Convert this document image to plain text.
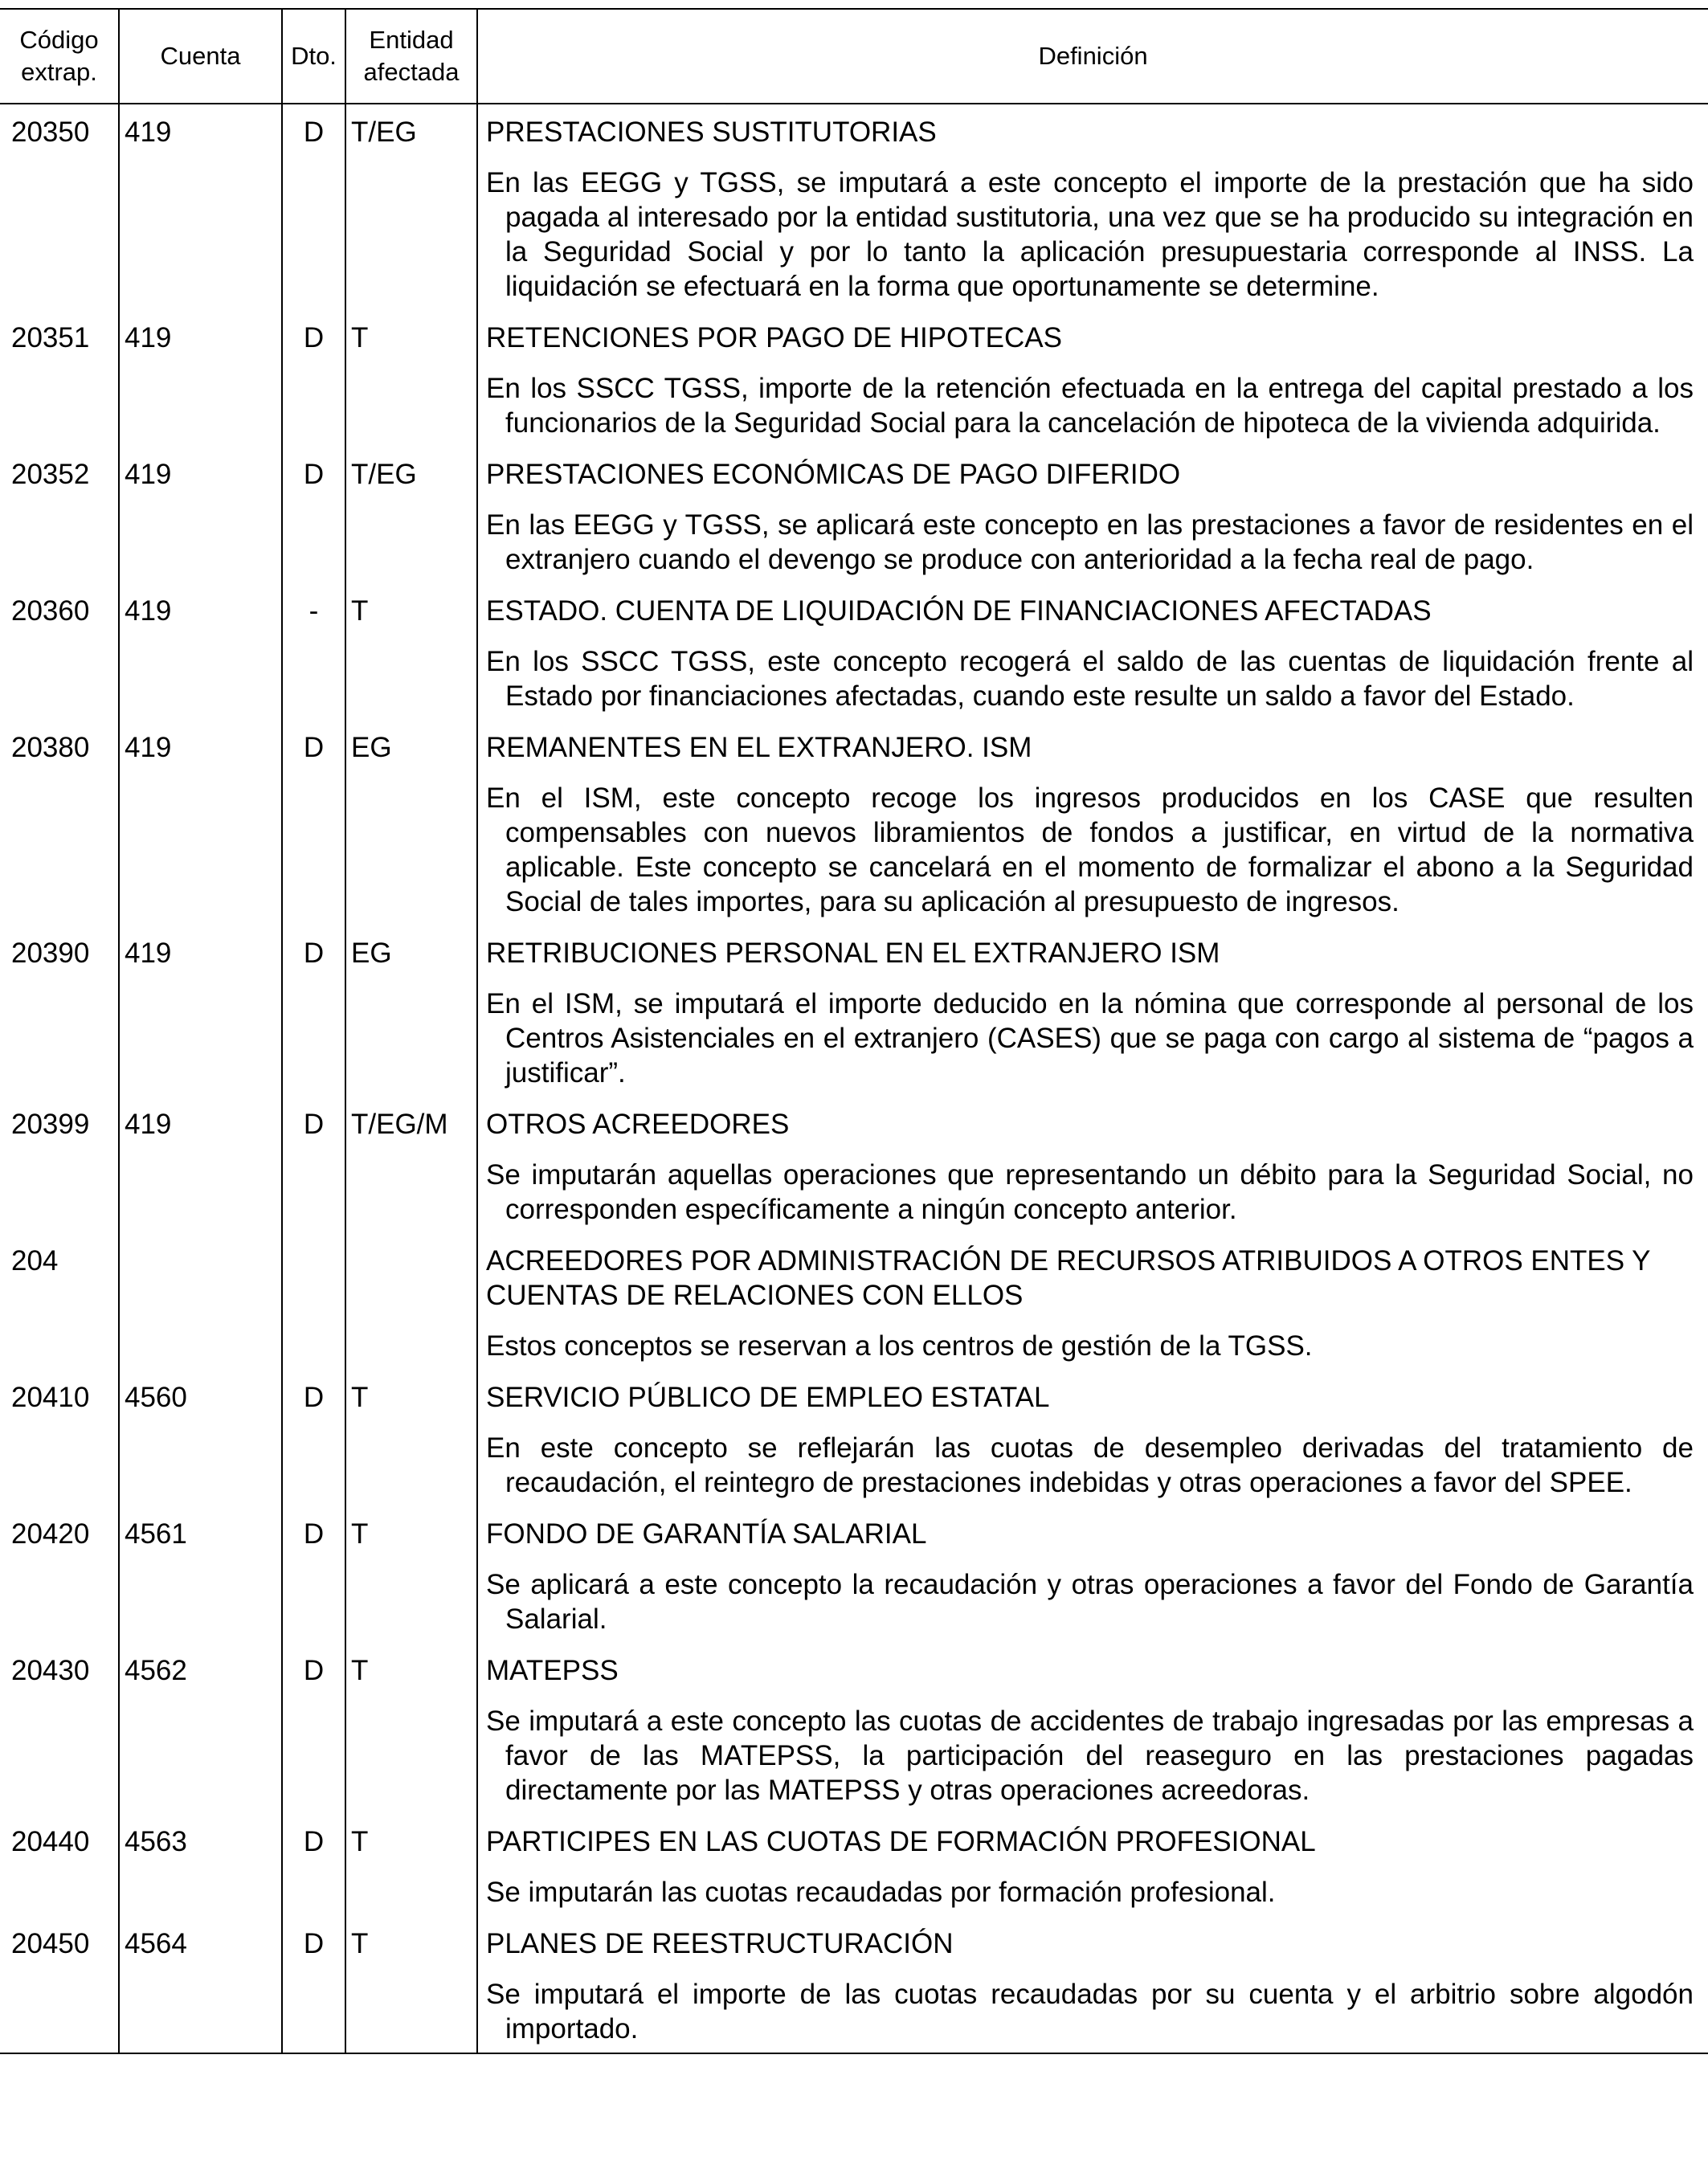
Código extrap.	Cuenta	Dto.	Entidad afectada	Definición
20350	419	D	T/EG	PRESTACIONES SUSTITUTORIAS
En las EEGG y TGSS, se imputará a este concepto el importe de la prestación que ha sido pagada al interesado por la entidad sustitutoria, una vez que se ha producido su integración en la Seguridad Social y por lo tanto la aplicación presupuestaria corresponde al INSS. La liquidación se efectuará en la forma que oportunamente se determine.

20351	419	D	T	RETENCIONES POR PAGO DE HIPOTECAS
En los SSCC TGSS, importe de la retención efectuada en la entrega del capital prestado a los funcionarios de la Seguridad Social para la cancelación de hipoteca de la vivienda adquirida.

20352	419	D	T/EG	PRESTACIONES ECONÓMICAS DE PAGO DIFERIDO
En las EEGG y TGSS, se aplicará este concepto en las prestaciones a favor de residentes en el extranjero cuando el devengo se produce con anterioridad a la fecha real de pago.

20360	419	-	T	ESTADO. CUENTA DE LIQUIDACIÓN DE FINANCIACIONES AFECTADAS
En los SSCC TGSS, este concepto recogerá el saldo de las cuentas de liquidación frente al Estado por financiaciones afectadas, cuando este resulte un saldo a favor del Estado.

20380	419	D	EG	REMANENTES EN EL EXTRANJERO. ISM
En el ISM, este concepto recoge los ingresos producidos en los CASE que resulten compensables con nuevos libramientos de fondos a justificar, en virtud de la normativa aplicable. Este concepto se cancelará en el momento de formalizar el abono a la Seguridad Social de tales importes, para su aplicación al presupuesto de ingresos.

20390	419	D	EG	RETRIBUCIONES PERSONAL EN EL EXTRANJERO ISM
En el ISM, se imputará el importe deducido en la nómina que corresponde al personal de los Centros Asistenciales en el extranjero (CASES) que se paga con cargo al sistema de “pagos a justificar”.

20399	419	D	T/EG/M	OTROS ACREEDORES
Se imputarán aquellas operaciones que representando un débito para la Seguridad Social, no corresponden específicamente a ningún concepto anterior.

204				ACREEDORES POR ADMINISTRACIÓN DE RECURSOS ATRIBUIDOS A OTROS ENTES Y CUENTAS DE RELACIONES CON ELLOS
Estos conceptos se reservan a los centros de gestión de la TGSS.

20410	4560	D	T	SERVICIO PÚBLICO DE EMPLEO ESTATAL
En este concepto se reflejarán las cuotas de desempleo derivadas del tratamiento de recaudación, el reintegro de prestaciones indebidas y otras operaciones a favor del SPEE.

20420	4561	D	T	FONDO DE GARANTÍA SALARIAL
Se aplicará a este concepto la recaudación y otras operaciones a favor del Fondo de Garantía Salarial.

20430	4562	D	T	MATEPSS
Se imputará a este concepto las cuotas de accidentes de trabajo ingresadas por las empresas a favor de las MATEPSS, la participación del reaseguro en las prestaciones pagadas directamente por las MATEPSS y otras operaciones acreedoras.

20440	4563	D	T	PARTICIPES EN LAS CUOTAS DE FORMACIÓN PROFESIONAL
Se imputarán las cuotas recaudadas por formación profesional.

20450	4564	D	T	PLANES DE REESTRUCTURACIÓN
Se imputará el importe de las cuotas recaudadas por su cuenta y el arbitrio sobre algodón importado.
